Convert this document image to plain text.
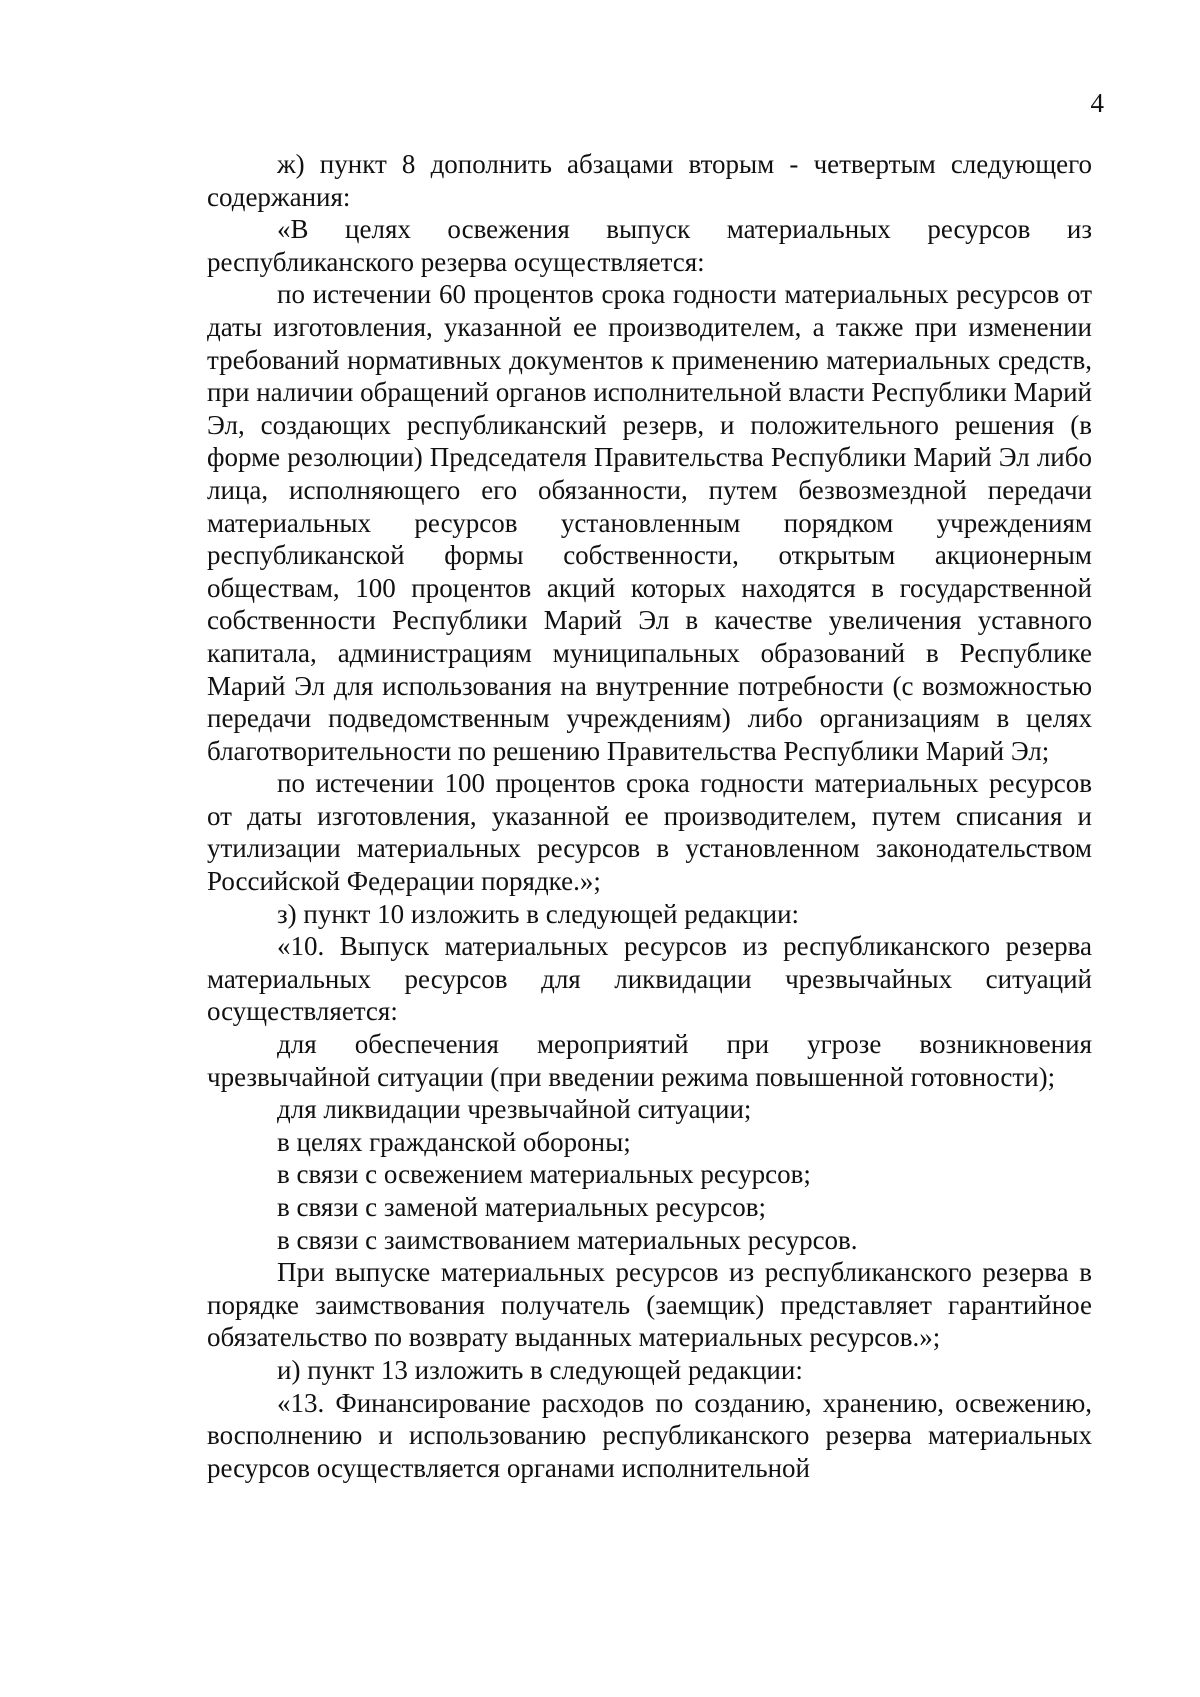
4

ж) пункт 8 дополнить абзацами вторым - четвертым следующего содержания:

«В целях освежения выпуск материальных ресурсов из республиканского резерва осуществляется:

по истечении 60 процентов срока годности материальных ресурсов от даты изготовления, указанной ее производителем, а также при изменении требований нормативных документов к применению материальных средств, при наличии обращений органов исполнительной власти Республики Марий Эл, создающих республиканский резерв, и положительного решения (в форме резолюции) Председателя Правительства Республики Марий Эл либо лица, исполняющего его обязанности, путем безвозмездной передачи материальных ресурсов установленным порядком учреждениям республиканской формы собственности, открытым акционерным обществам, 100 процентов акций которых находятся в государственной собственности Республики Марий Эл в качестве увеличения уставного капитала, администрациям муниципальных образований в Республике Марий Эл для использования на внутренние потребности (с возможностью передачи подведомственным учреждениям) либо организациям в целях благотворительности по решению Правительства Республики Марий Эл;

по истечении 100 процентов срока годности материальных ресурсов от даты изготовления, указанной ее производителем, путем списания и утилизации материальных ресурсов в установленном законодательством Российской Федерации порядке.»;

з) пункт 10 изложить в следующей редакции:

«10. Выпуск материальных ресурсов из республиканского резерва материальных ресурсов для ликвидации чрезвычайных ситуаций осуществляется:

для обеспечения мероприятий при угрозе возникновения чрезвычайной ситуации (при введении режима повышенной готовности);

для ликвидации чрезвычайной ситуации;

в целях гражданской обороны;

в связи с освежением материальных ресурсов;

в связи с заменой материальных ресурсов;

в связи с заимствованием материальных ресурсов.

При выпуске материальных ресурсов из республиканского резерва в порядке заимствования получатель (заемщик) представляет гарантийное обязательство по возврату выданных материальных ресурсов.»;

и) пункт 13 изложить в следующей редакции:

«13. Финансирование расходов по созданию, хранению, освежению, восполнению и использованию республиканского резерва материальных ресурсов осуществляется органами исполнительной
